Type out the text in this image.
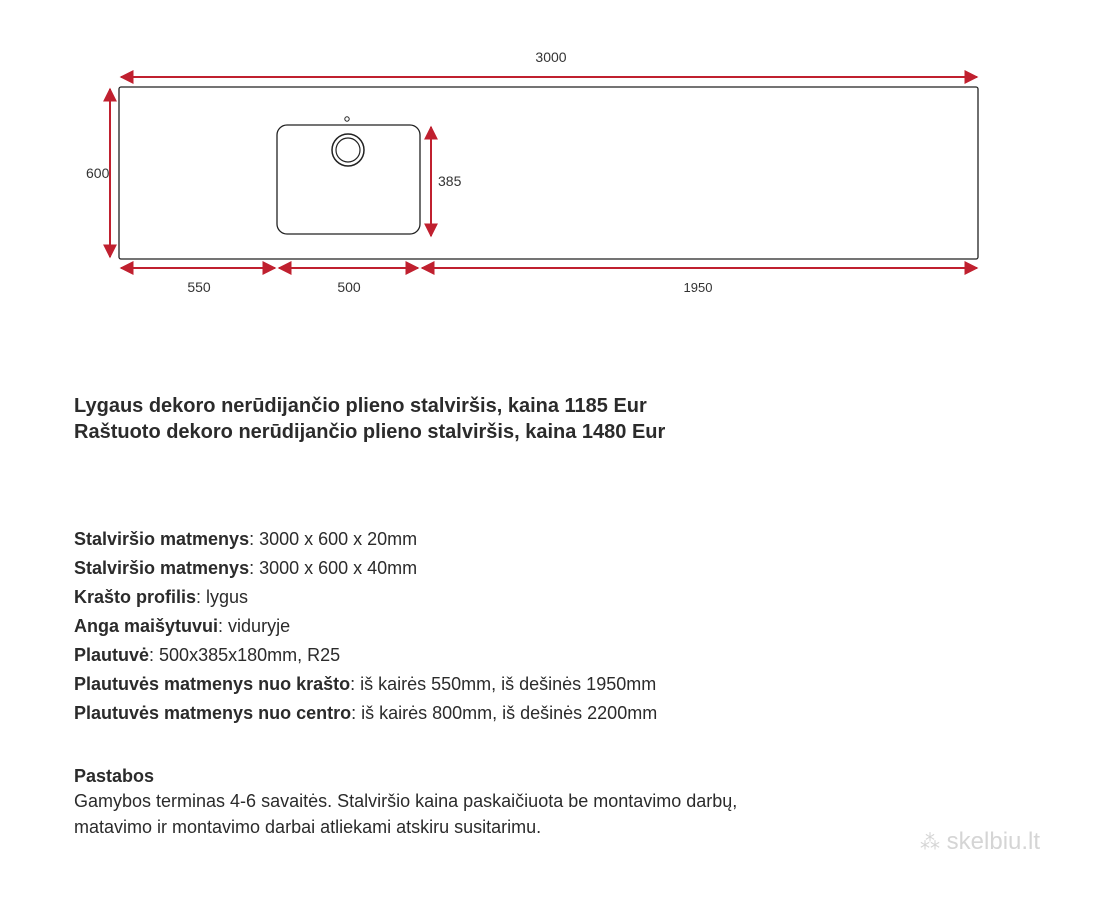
3000
600	385
550	500	1950
Lygaus dekoro nerūdijančio plieno stalviršis, kaina 1185 Eur
Raštuoto dekoro nerūdijančio plieno stalviršis, kaina 1480 Eur
Stalviršio matmenys: 3000 x 600 x 20mm
Stalviršio matmenys: 3000 x 600 x 40mm
Krašto profilis: lygus
Anga maišytuvui: viduryje
Plautuvė: 500x385x180mm, R25
Plautuvės matmenys nuo krašto: iš kairės 550mm, iš dešinės 1950mm
Plautuvės matmenys nuo centro: iš kairės 800mm, iš dešinės 2200mm
Pastabos
Gamybos terminas 4-6 savaitės. Stalviršio kaina paskaičiuota be montavimo darbų,
matavimo ir montavimo darbai atliekami atskiru susitarimu.
⁂ skelbiu.lt
